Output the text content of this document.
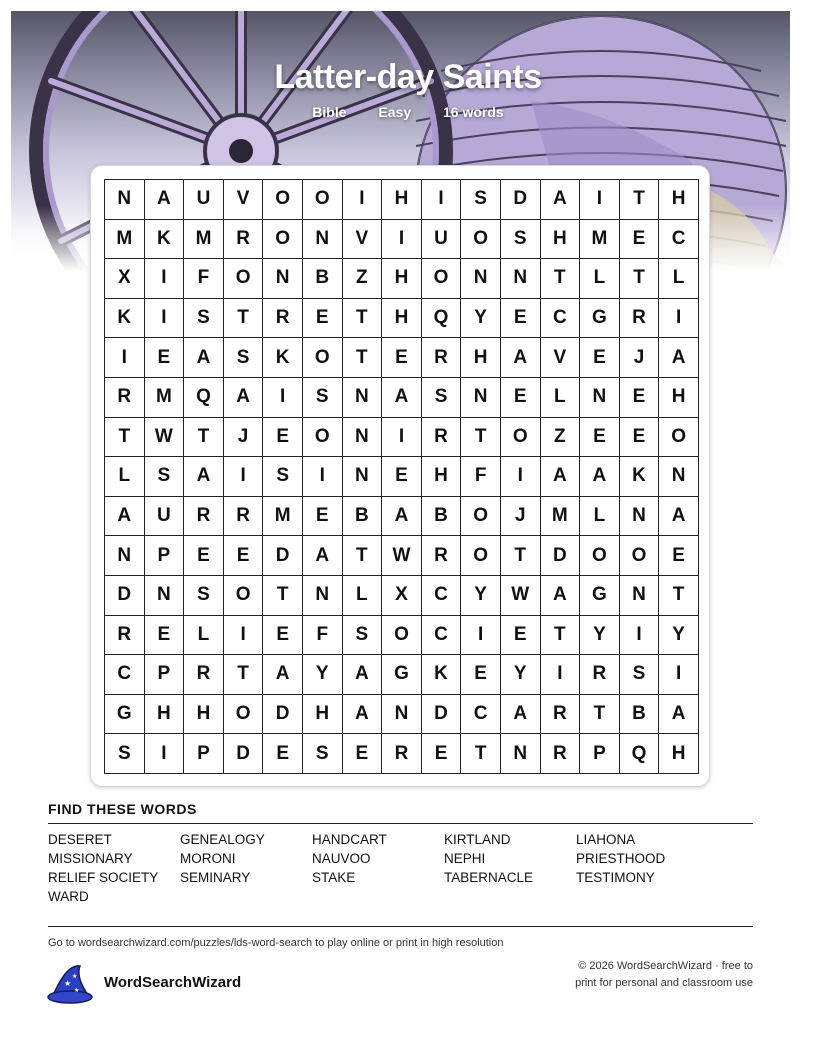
Latter-day Saints
Bible Easy 16 words
N	A	U	V	O	O	I	H	I	S	D	A	I	T	H
M	K	M	R	O	N	V	I	U	O	S	H	M	E	C
X	I	F	O	N	B	Z	H	O	N	N	T	L	T	L
K	I	S	T	R	E	T	H	Q	Y	E	C	G	R	I
I	E	A	S	K	O	T	E	R	H	A	V	E	J	A
R	M	Q	A	I	S	N	A	S	N	E	L	N	E	H
T	W	T	J	E	O	N	I	R	T	O	Z	E	E	O
L	S	A	I	S	I	N	E	H	F	I	A	A	K	N
A	U	R	R	M	E	B	A	B	O	J	M	L	N	A
N	P	E	E	D	A	T	W	R	O	T	D	O	O	E
D	N	S	O	T	N	L	X	C	Y	W	A	G	N	T
R	E	L	I	E	F	S	O	C	I	E	T	Y	I	Y
C	P	R	T	A	Y	A	G	K	E	Y	I	R	S	I
G	H	H	O	D	H	A	N	D	C	A	R	T	B	A
S	I	P	D	E	S	E	R	E	T	N	R	P	Q	H
FIND THESE WORDS
DESERET	GENEALOGY	HANDCART	KIRTLAND	LIAHONA
MISSIONARY	MORONI	NAUVOO	NEPHI	PRIESTHOOD
RELIEF SOCIETY	SEMINARY	STAKE	TABERNACLE	TESTIMONY
WARD
Go to wordsearchwizard.com/puzzles/lds-word-search to play online or print in high resolution
★
★
★ WordSearchWizard
© 2026 WordSearchWizard · free to print for personal and classroom use
